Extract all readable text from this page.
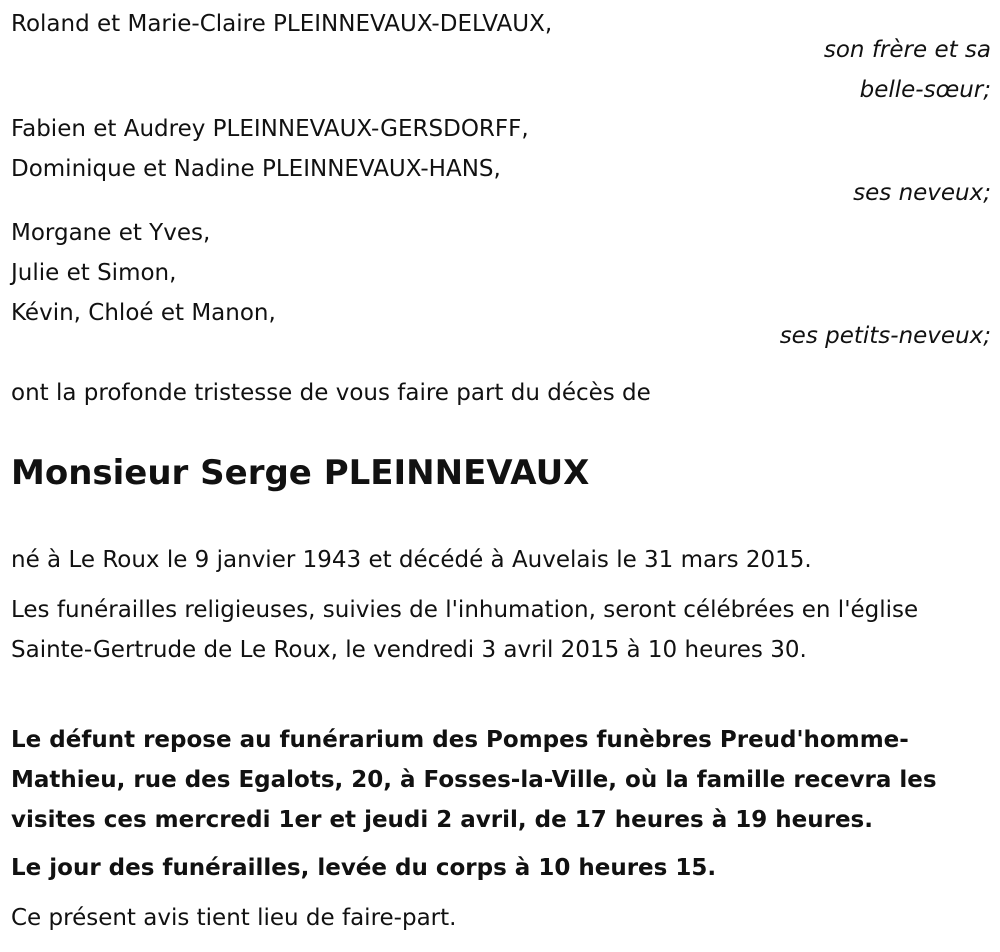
Roland et Marie-Claire PLEINNEVAUX-DELVAUX,
son frère et sa
belle-sœur;
Fabien et Audrey PLEINNEVAUX-GERSDORFF,
Dominique et Nadine PLEINNEVAUX-HANS,
ses neveux;
Morgane et Yves,
Julie et Simon,
Kévin, Chloé et Manon,
ses petits-neveux;
ont la profonde tristesse de vous faire part du décès de
Monsieur Serge PLEINNEVAUX
né à Le Roux le 9 janvier 1943 et décédé à Auvelais le 31 mars 2015.
Les funérailles religieuses, suivies de l'inhumation, seront célébrées en l'église Sainte-Gertrude de Le Roux, le vendredi 3 avril 2015 à 10 heures 30.
Le défunt repose au funérarium des Pompes funèbres Preud'homme-Mathieu, rue des Egalots, 20, à Fosses-la-Ville, où la famille recevra les visites ces mercredi 1er et jeudi 2 avril, de 17 heures à 19 heures.
Le jour des funérailles, levée du corps à 10 heures 15.
Ce présent avis tient lieu de faire-part.
